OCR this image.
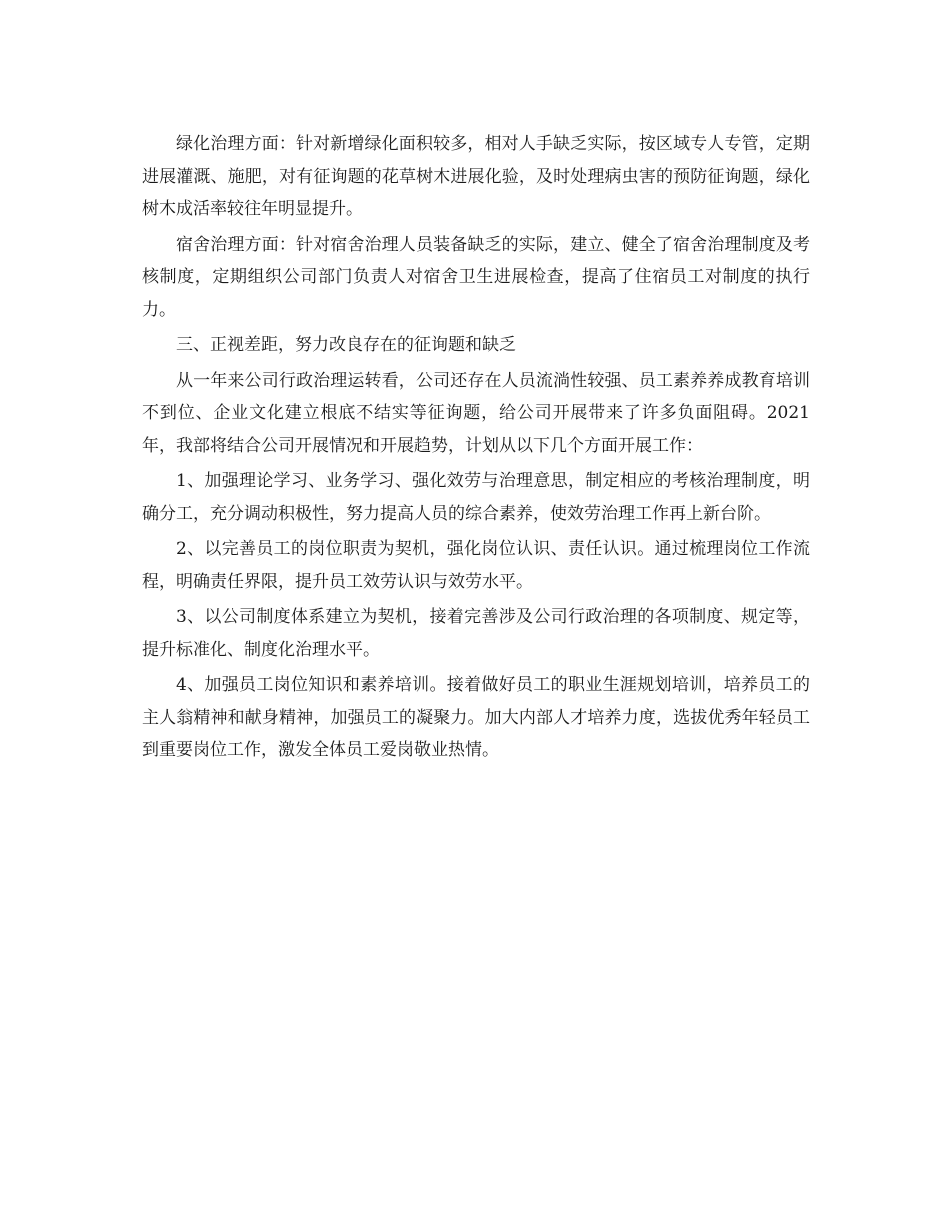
绿化治理方面：针对新增绿化面积较多，相对人手缺乏实际，按区域专人专管，定期进展灌溉、施肥，对有征询题的花草树木进展化验，及时处理病虫害的预防征询题，绿化树木成活率较往年明显提升。

宿舍治理方面：针对宿舍治理人员装备缺乏的实际，建立、健全了宿舍治理制度及考核制度，定期组织公司部门负责人对宿舍卫生进展检查，提高了住宿员工对制度的执行力。

三、正视差距，努力改良存在的征询题和缺乏

从一年来公司行政治理运转看，公司还存在人员流淌性较强、员工素养养成教育培训不到位、企业文化建立根底不结实等征询题，给公司开展带来了许多负面阻碍。2021年，我部将结合公司开展情况和开展趋势，计划从以下几个方面开展工作：

1、加强理论学习、业务学习、强化效劳与治理意思，制定相应的考核治理制度，明确分工，充分调动积极性，努力提高人员的综合素养，使效劳治理工作再上新台阶。

2、以完善员工的岗位职责为契机，强化岗位认识、责任认识。通过梳理岗位工作流程，明确责任界限，提升员工效劳认识与效劳水平。

3、以公司制度体系建立为契机，接着完善涉及公司行政治理的各项制度、规定等，提升标准化、制度化治理水平。

4、加强员工岗位知识和素养培训。接着做好员工的职业生涯规划培训，培养员工的主人翁精神和献身精神，加强员工的凝聚力。加大内部人才培养力度，选拔优秀年轻员工到重要岗位工作，激发全体员工爱岗敬业热情。
